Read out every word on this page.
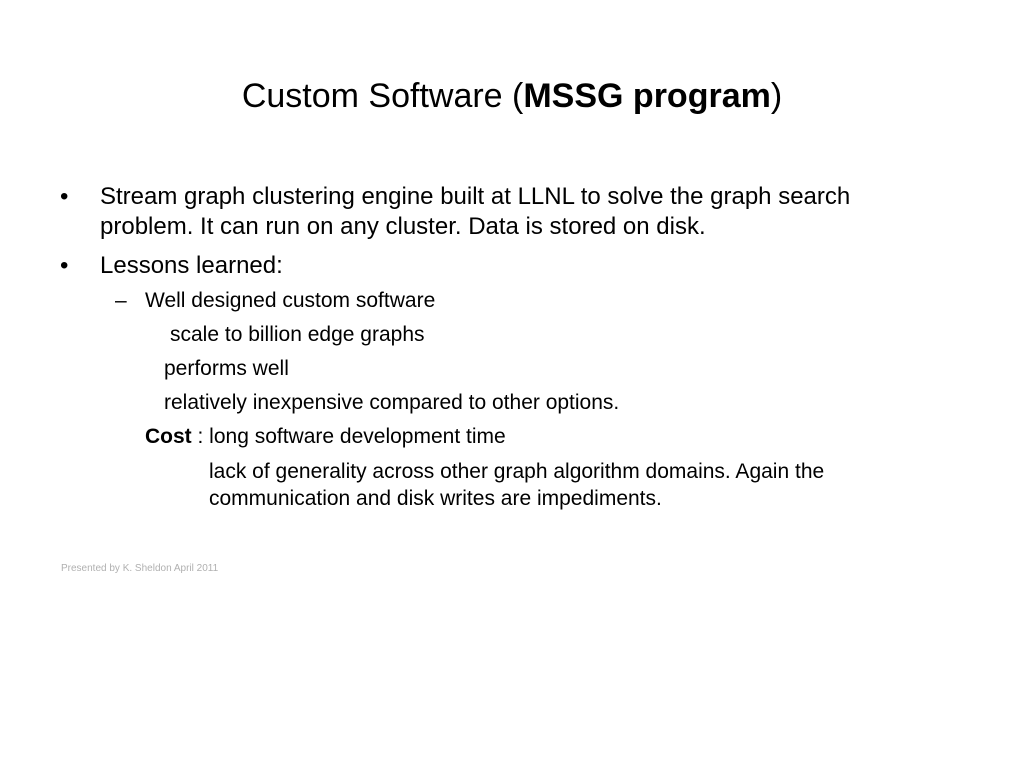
Custom Software (MSSG program)
• Stream graph clustering engine built at LLNL to solve the graph search problem. It can run on any cluster. Data is stored on disk.
• Lessons learned:
– Well designed custom software
scale to billion edge graphs
performs well
relatively inexpensive compared to other options.
Cost : long software development time
lack of generality across other graph algorithm domains. Again the communication and disk writes are impediments.
Presented by K. Sheldon April 2011
